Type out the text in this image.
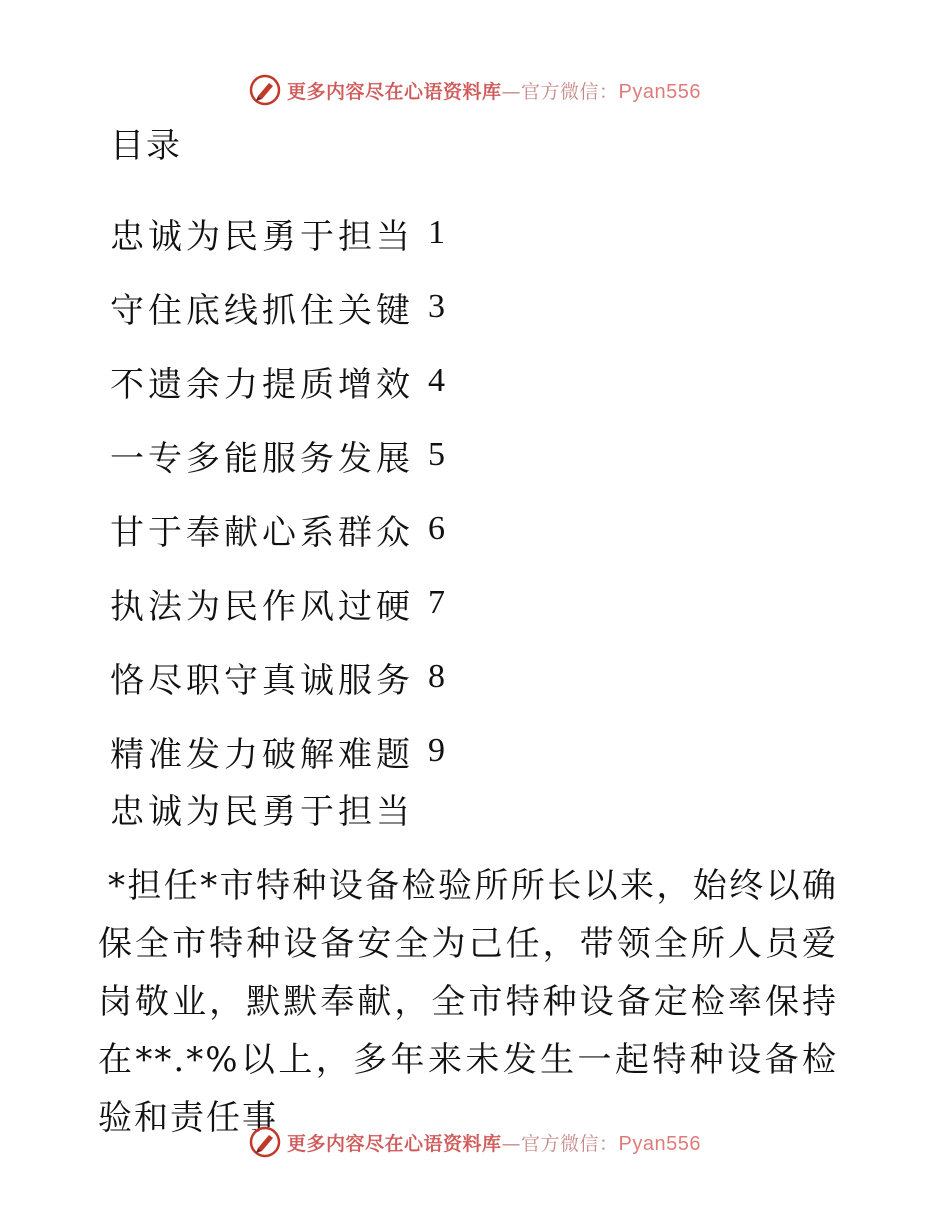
更多内容尽在心语资料库—官方微信：Pyan556
目录
忠诚为民勇于担当 1
守住底线抓住关键 3
不遗余力提质增效 4
一专多能服务发展 5
甘于奉献心系群众 6
执法为民作风过硬 7
恪尽职守真诚服务 8
精准发力破解难题 9
忠诚为民勇于担当

*担任*市特种设备检验所所长以来，始终以确保全市特种设备安全为己任，带领全所人员爱岗敬业，默默奉献，全市特种设备定检率保持在**.*%以上，多年来未发生一起特种设备检验和责任事

更多内容尽在心语资料库—官方微信：Pyan556
